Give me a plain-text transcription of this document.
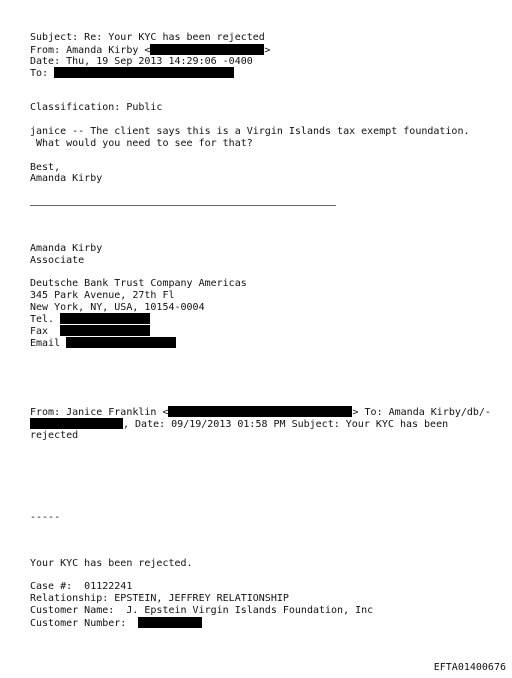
Subject: Re: Your KYC has been rejected
From: Amanda Kirby <	>
Date: Thu, 19 Sep 2013 14:29:06 -0400
To:
Classification: Public
janice -- The client says this is a Virgin Islands tax exempt foundation.
What would you need to see for that?
Best,
Amanda Kirby
Amanda Kirby
Associate
Deutsche Bank Trust Company Americas
345 Park Avenue, 27th Fl
New York, NY, USA, 10154-0004
Tel.
Fax
Email
From: Janice Franklin <	> To: Amanda Kirby/db/-
, Date: 09/19/2013 01:58 PM Subject: Your KYC has been
rejected
-----
Your KYC has been rejected.
Case #:  01122241
Relationship: EPSTEIN, JEFFREY RELATIONSHIP
Customer Name:  J. Epstein Virgin Islands Foundation, Inc
Customer Number:
EFTA01400676
